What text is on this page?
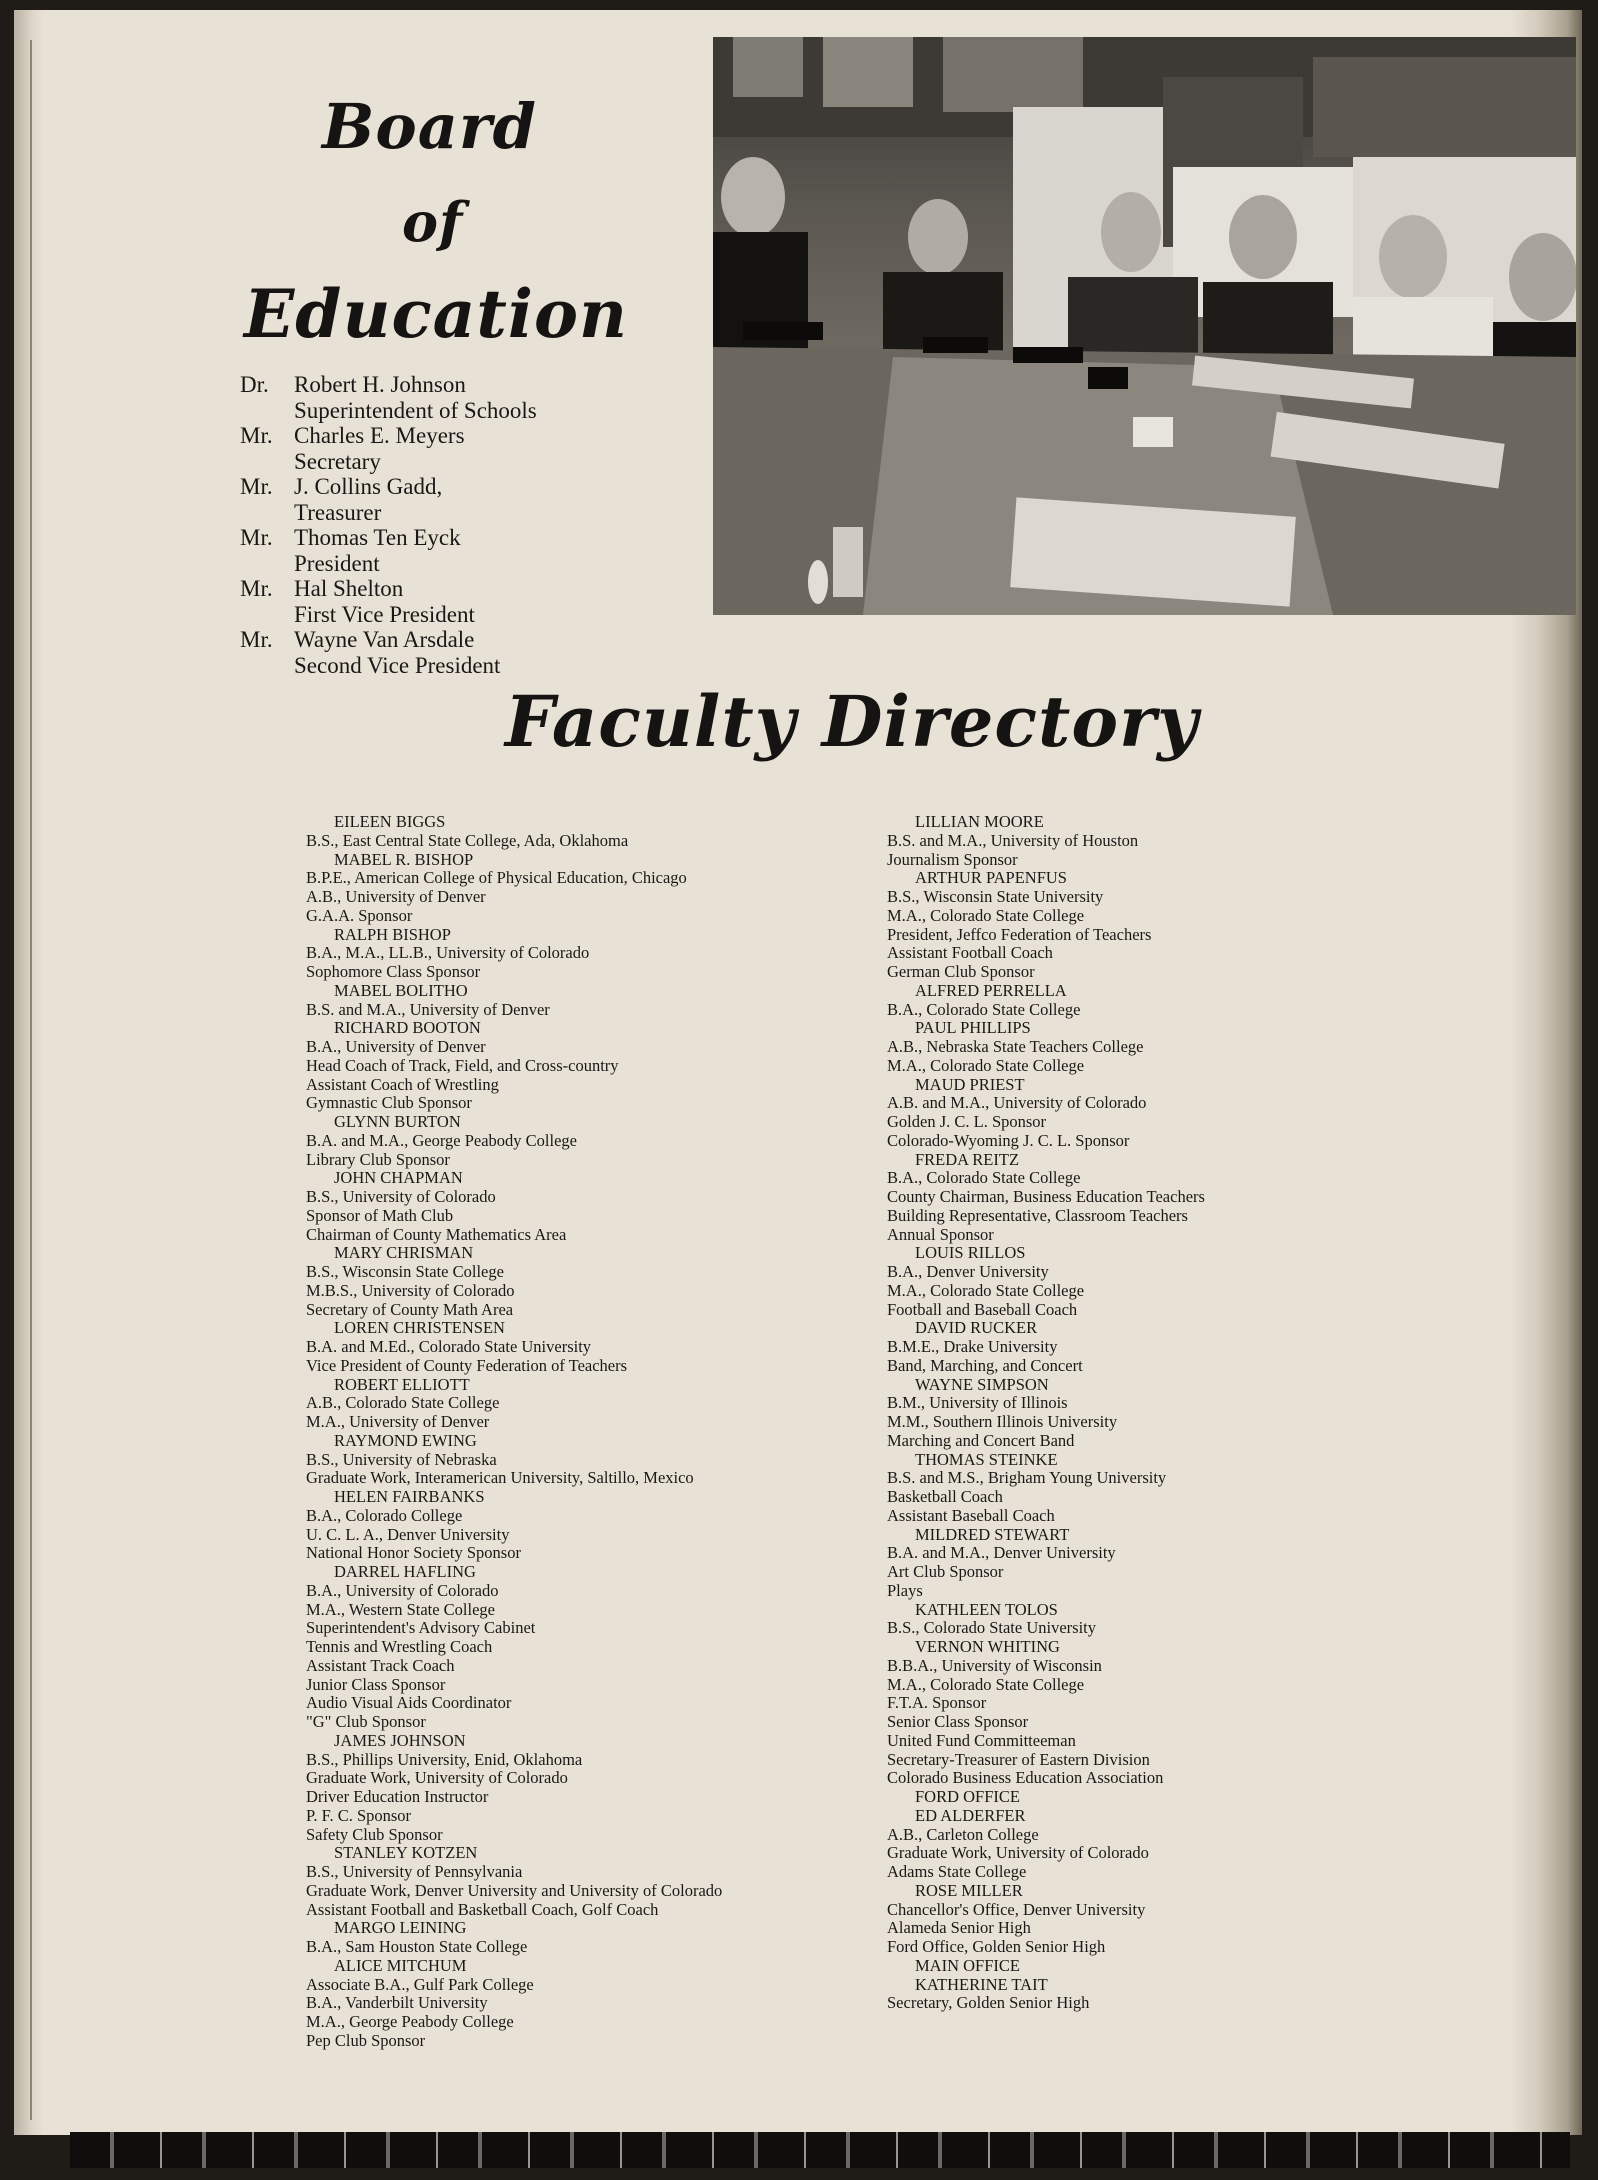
Board
of
Education
Dr.	Robert H. Johnson
Superintendent of Schools
Mr. Charles E. Meyers
Secretary
Mr. J. Collins Gadd,
Treasurer
Mr. Thomas Ten Eyck
President
Mr. Hal Shelton
First Vice President
Mr. Wayne Van Arsdale
Second Vice President
Faculty Directory
EILEEN BIGGS
B.S., East Central State College, Ada, Oklahoma
MABEL R. BISHOP
B.P.E., American College of Physical Education, Chicago
A.B., University of Denver
G.A.A. Sponsor
RALPH BISHOP
B.A., M.A., LL.B., University of Colorado
Sophomore Class Sponsor
MABEL BOLITHO
B.S. and M.A., University of Denver
RICHARD BOOTON
B.A., University of Denver
Head Coach of Track, Field, and Cross-country
Assistant Coach of Wrestling
Gymnastic Club Sponsor
GLYNN BURTON
B.A. and M.A., George Peabody College
Library Club Sponsor
JOHN CHAPMAN
B.S., University of Colorado
Sponsor of Math Club
Chairman of County Mathematics Area
MARY CHRISMAN
B.S., Wisconsin State College
M.B.S., University of Colorado
Secretary of County Math Area
LOREN CHRISTENSEN
B.A. and M.Ed., Colorado State University
Vice President of County Federation of Teachers
ROBERT ELLIOTT
A.B., Colorado State College
M.A., University of Denver
RAYMOND EWING
B.S., University of Nebraska
Graduate Work, Interamerican University, Saltillo, Mexico
HELEN FAIRBANKS
B.A., Colorado College
U. C. L. A., Denver University
National Honor Society Sponsor
DARREL HAFLING
B.A., University of Colorado
M.A., Western State College
Superintendent's Advisory Cabinet
Tennis and Wrestling Coach
Assistant Track Coach
Junior Class Sponsor
Audio Visual Aids Coordinator
"G" Club Sponsor
JAMES JOHNSON
B.S., Phillips University, Enid, Oklahoma
Graduate Work, University of Colorado
Driver Education Instructor
P. F. C. Sponsor
Safety Club Sponsor
STANLEY KOTZEN
B.S., University of Pennsylvania
Graduate Work, Denver University and University of Colorado
Assistant Football and Basketball Coach, Golf Coach
MARGO LEINING
B.A., Sam Houston State College
ALICE MITCHUM
Associate B.A., Gulf Park College
B.A., Vanderbilt University
M.A., George Peabody College
Pep Club Sponsor
LILLIAN MOORE
B.S. and M.A., University of Houston
Journalism Sponsor
ARTHUR PAPENFUS
B.S., Wisconsin State University
M.A., Colorado State College
President, Jeffco Federation of Teachers
Assistant Football Coach
German Club Sponsor
ALFRED PERRELLA
B.A., Colorado State College
PAUL PHILLIPS
A.B., Nebraska State Teachers College
M.A., Colorado State College
MAUD PRIEST
A.B. and M.A., University of Colorado
Golden J. C. L. Sponsor
Colorado-Wyoming J. C. L. Sponsor
FREDA REITZ
B.A., Colorado State College
County Chairman, Business Education Teachers
Building Representative, Classroom Teachers
Annual Sponsor
LOUIS RILLOS
B.A., Denver University
M.A., Colorado State College
Football and Baseball Coach
DAVID RUCKER
B.M.E., Drake University
Band, Marching, and Concert
WAYNE SIMPSON
B.M., University of Illinois
M.M., Southern Illinois University
Marching and Concert Band
THOMAS STEINKE
B.S. and M.S., Brigham Young University
Basketball Coach
Assistant Baseball Coach
MILDRED STEWART
B.A. and M.A., Denver University
Art Club Sponsor
Plays
KATHLEEN TOLOS
B.S., Colorado State University
VERNON WHITING
B.B.A., University of Wisconsin
M.A., Colorado State College
F.T.A. Sponsor
Senior Class Sponsor
United Fund Committeeman
Secretary-Treasurer of Eastern Division
Colorado Business Education Association
FORD OFFICE
ED ALDERFER
A.B., Carleton College
Graduate Work, University of Colorado
Adams State College
ROSE MILLER
Chancellor's Office, Denver University
Alameda Senior High
Ford Office, Golden Senior High
MAIN OFFICE
KATHERINE TAIT
Secretary, Golden Senior High
